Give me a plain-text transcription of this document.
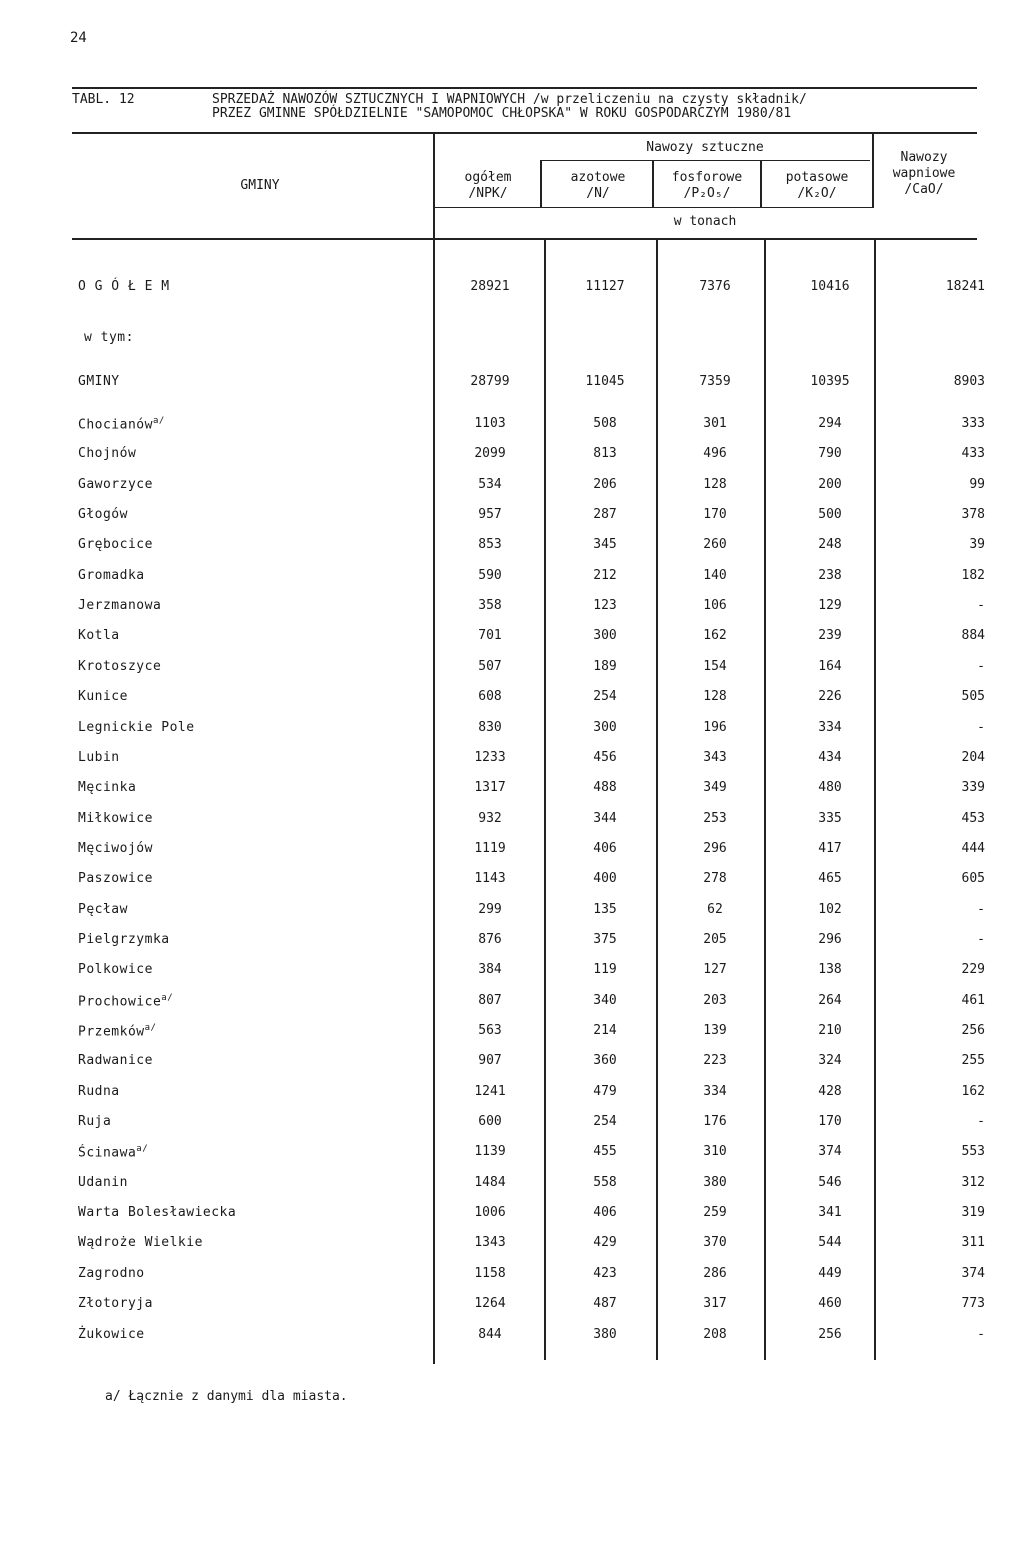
24
TABL. 12	SPRZEDAŻ NAWOZÓW SZTUCZNYCH I WAPNIOWYCH /w przeliczeniu na czysty składnik/
PRZEZ GMINNE SPÓŁDZIELNIE "SAMOPOMOC CHŁOPSKA" W ROKU GOSPODARCZYM 1980/81
GMINY
Nawozy sztuczne
ogółem
/NPK/
azotowe
/N/
fosforowe
/P₂O₅/
potasowe
/K₂O/
Nawozy
wapniowe
/CaO/
w tonach
O G Ó Ł E M	28921	11127	7376	10416	18241
w tym:
GMINY	28799	11045	7359	10395	8903
Chocianów$^{a/}$	1103	508	301	294	333
Chojnów	2099	813	496	790	433
Gaworzyce	534	206	128	200	99
Głogów	957	287	170	500	378
Grębocice	853	345	260	248	39
Gromadka	590	212	140	238	182
Jerzmanowa	358	123	106	129	-
Kotla	701	300	162	239	884
Krotoszyce	507	189	154	164	-
Kunice	608	254	128	226	505
Legnickie Pole	830	300	196	334	-
Lubin	1233	456	343	434	204
Męcinka	1317	488	349	480	339
Miłkowice	932	344	253	335	453
Męciwojów	1119	406	296	417	444
Paszowice	1143	400	278	465	605
Pęcław	299	135	62	102	-
Pielgrzymka	876	375	205	296	-
Polkowice	384	119	127	138	229
Prochowice$^{a/}$	807	340	203	264	461
Przemków$^{a/}$	563	214	139	210	256
Radwanice	907	360	223	324	255
Rudna	1241	479	334	428	162
Ruja	600	254	176	170	-
Ścinawa$^{a/}$	1139	455	310	374	553
Udanin	1484	558	380	546	312
Warta Bolesławiecka	1006	406	259	341	319
Wądroże Wielkie	1343	429	370	544	311
Zagrodno	1158	423	286	449	374
Złotoryja	1264	487	317	460	773
Żukowice	844	380	208	256	-
a/ Łącznie z danymi dla miasta.
